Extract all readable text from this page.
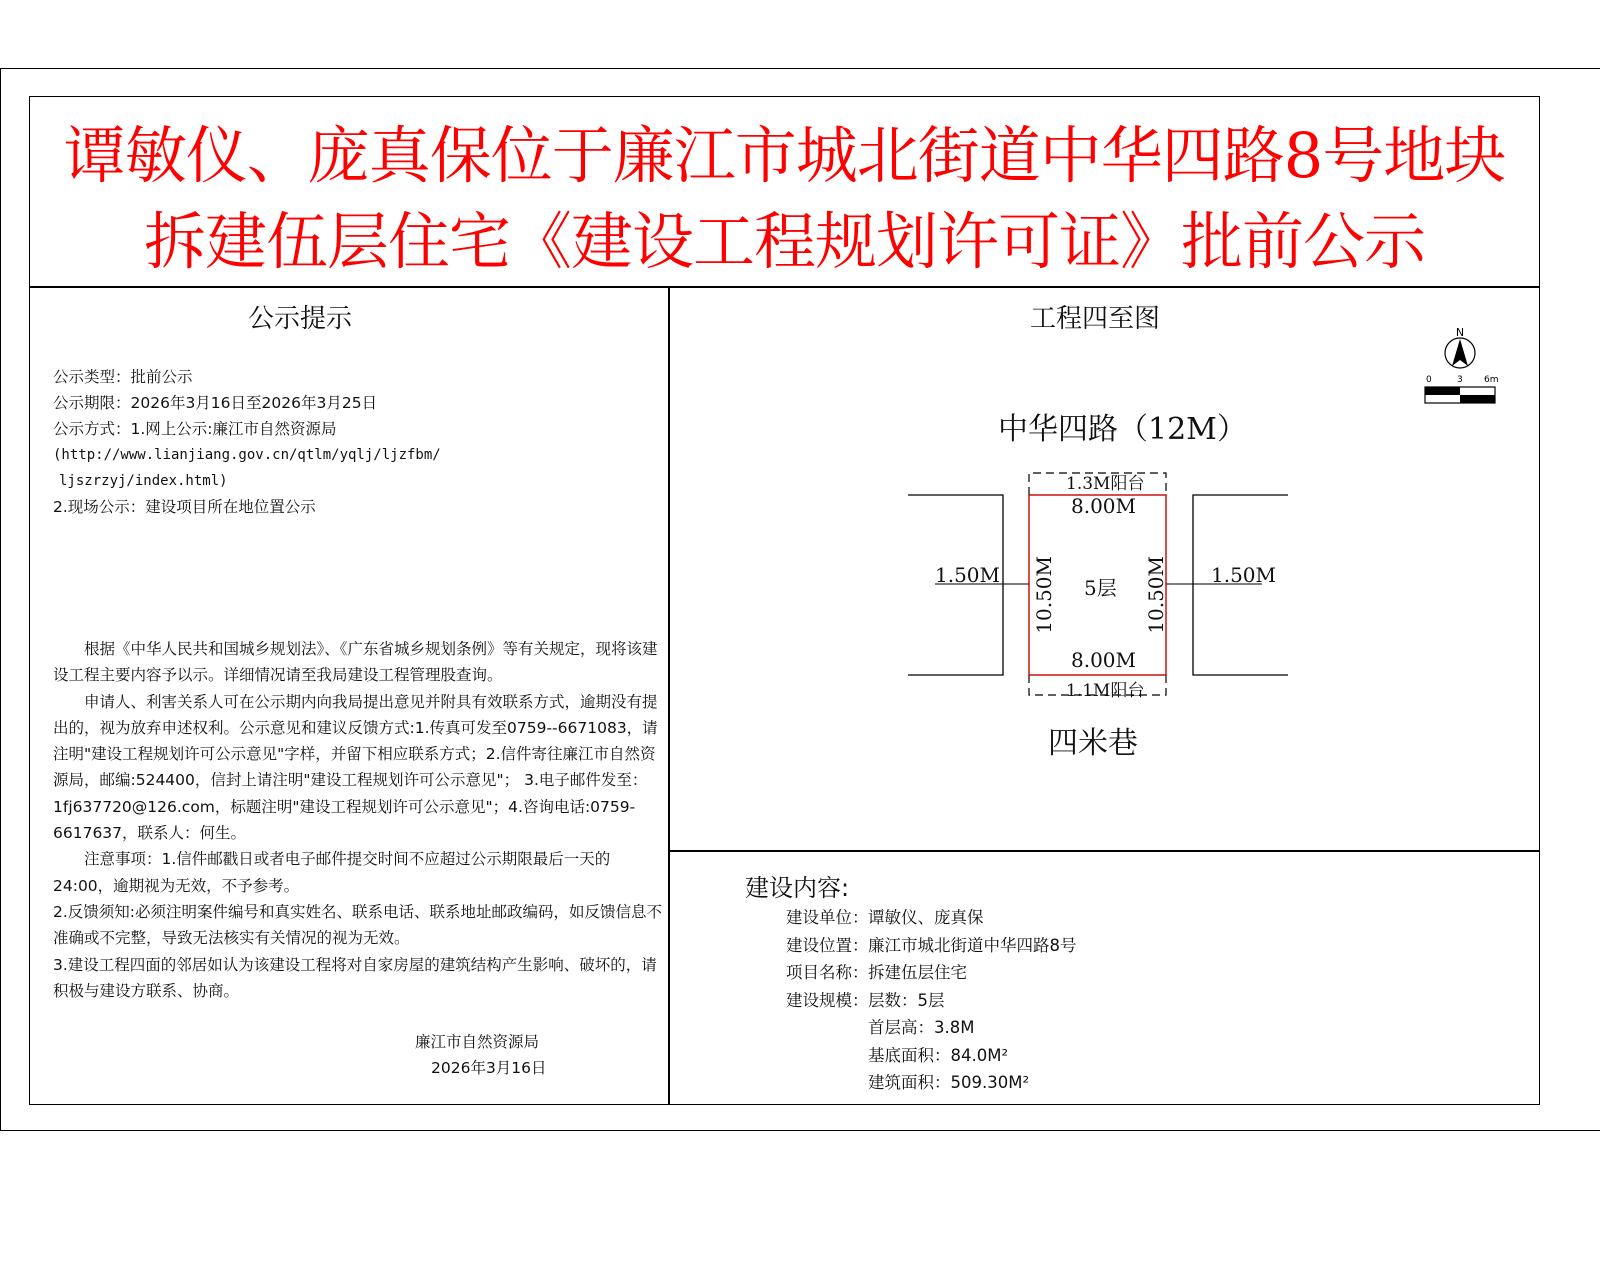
谭敏仪、庞真保位于廉江市城北街道中华四路8号地块
拆建伍层住宅《建设工程规划许可证》批前公示
公示提示
公示类型：批前公示
公示期限：2026年3月16日至2026年3月25日
公示方式：1.网上公示:廉江市自然资源局
(http://www.lianjiang.gov.cn/qtlm/yqlj/ljzfbm/
ljszrzyj/index.html)
2.现场公示：建设项目所在地位置公示
根据《中华人民共和国城乡规划法》、《广东省城乡规划条例》等有关规定，现将该建设工程主要内容予以示。详细情况请至我局建设工程管理股查询。
申请人、利害关系人可在公示期内向我局提出意见并附具有效联系方式，逾期没有提出的，视为放弃申述权利。公示意见和建议反馈方式:1.传真可发至0759--6671083，请注明"建设工程规划许可公示意见"字样，并留下相应联系方式；2.信件寄往廉江市自然资源局，邮编:524400，信封上请注明"建设工程规划许可公示意见"； 3.电子邮件发至：1fj637720@126.com，标题注明"建设工程规划许可公示意见"；4.咨询电话:0759-6617637，联系人：何生。
注意事项：1.信件邮戳日或者电子邮件提交时间不应超过公示期限最后一天的24:00，逾期视为无效，不予参考。
2.反馈须知:必须注明案件编号和真实姓名、联系电话、联系地址邮政编码，如反馈信息不准确或不完整，导致无法核实有关情况的视为无效。
3.建设工程四面的邻居如认为该建设工程将对自家房屋的建筑结构产生影响、破坏的，请积极与建设方联系、协商。
廉江市自然资源局
2026年3月16日
工程四至图	N
0	3 6m
中华四路（12M）
1.3M阳台
8.00M
8.00M
1.1M阳台
5层
10.50M	10.50M
1.50M	1.50M
四米巷
建设内容:
建设单位： 谭敏仪、庞真保
建设位置： 廉江市城北街道中华四路8号
项目名称： 拆建伍层住宅
建设规模： 层数：5层
首层高：3.8M
基底面积：84.0M²
建筑面积：509.30M²
